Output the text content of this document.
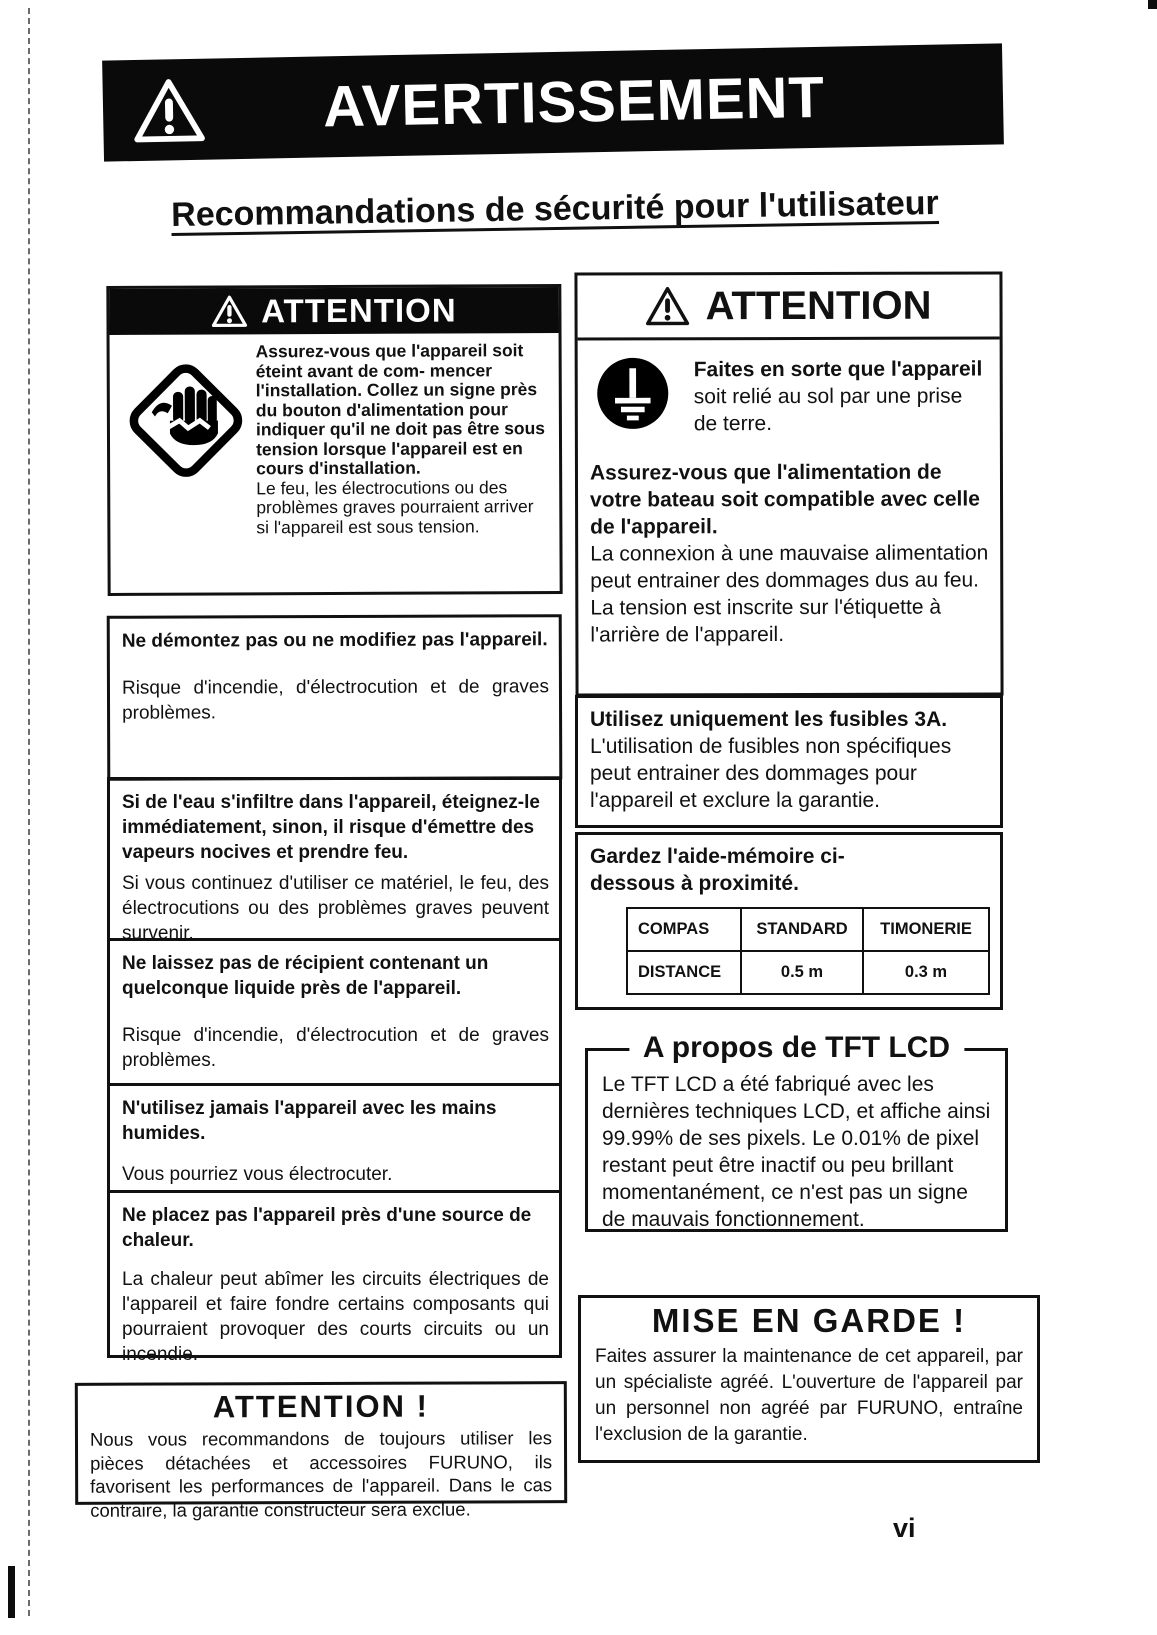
AVERTISSEMENT
Recommandations de sécurité pour l'utilisateur
ATTENTION
Assurez-vous que l'appareil soit éteint avant de com- mencer l'installation. Collez un signe près du bouton d'alimentation pour indiquer qu'il ne doit pas être sous tension lorsque l'appareil est en cours d'installation.
Le feu, les électrocutions ou des problèmes graves pourraient arriver si l'appareil est sous tension.
Ne démontez pas ou ne modifiez pas l'appareil.
Risque d'incendie, d'électrocution et de graves problèmes.
Si de l'eau s'infiltre dans l'appareil, éteignez-le immédiatement, sinon, il risque d'émettre des vapeurs nocives et prendre feu.
Si vous continuez d'utiliser ce matériel, le feu, des électrocutions ou des problèmes graves peuvent survenir.
Ne laissez pas de récipient contenant un quelconque liquide près de l'appareil.
Risque d'incendie, d'électrocution et de graves problèmes.
N'utilisez jamais l'appareil avec les mains humides.
Vous pourriez vous électrocuter.
Ne placez pas l'appareil près d'une source de chaleur.
La chaleur peut abîmer les circuits électriques de l'appareil et faire fondre certains composants qui pourraient provoquer des courts circuits ou un incendie.
ATTENTION !
Nous vous recommandons de toujours utiliser les pièces détachées et accessoires FURUNO, ils favorisent les performances de l'appareil. Dans le cas contraire, la garantie constructeur sera exclue.
ATTENTION
Faites en sorte que l'appareil soit relié au sol par une prise de terre.
Assurez-vous que l'alimentation de votre bateau soit compatible avec celle de l'appareil.
La connexion à une mauvaise alimentation peut entrainer des dommages dus au feu. La tension est inscrite sur l'étiquette à l'arrière de l'appareil.
Utilisez uniquement les fusibles 3A.
L'utilisation de fusibles non spécifiques peut entrainer des dommages pour l'appareil et exclure la garantie.
Gardez l'aide-mémoire ci-dessous à proximité.
COMPAS	STANDARD	TIMONERIE
DISTANCE	0.5 m	0.3 m
A propos de TFT LCD
Le TFT LCD a été fabriqué avec les dernières techniques LCD, et affiche ainsi 99.99% de ses pixels. Le 0.01% de pixel restant peut être inactif ou peu brillant momentanément, ce n'est pas un signe de mauvais fonctionnement.
MISE EN GARDE !
Faites assurer la maintenance de cet appareil, par un spécialiste agréé. L'ouverture de l'appareil par un personnel non agréé par FURUNO, entraîne l'exclusion de la garantie.
vi
